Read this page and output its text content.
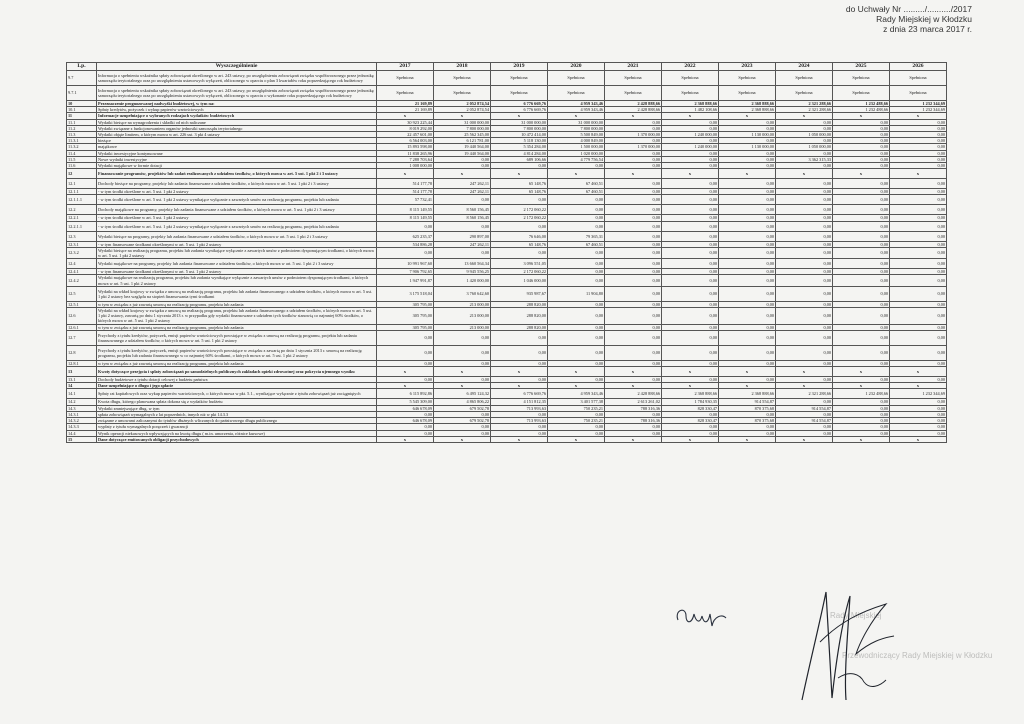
do Uchwały Nr ........./........../2017
Rady Miejskiej w Kłodzku
z dnia 23 marca 2017 r.
Lp.	Wyszczególnienie	2017	2018	2019	2020	2021	2022	2023	2024	2025	2026
9.7	Informacja o spełnieniu wskaźnika spłaty zobowiązań określonego w art. 243 ustawy, po uwzględnieniu zobowiązań związku współtworzonego przez jednostkę samorządu terytorialnego oraz po uwzględnieniu ustawowych wyłączeń, obliczonego w oparciu o plan 3 kwartałów roku poprzedzającego rok budżetowy	Spełniona	Spełniona	Spełniona	Spełniona	Spełniona	Spełniona	Spełniona	Spełniona	Spełniona	Spełniona
9.7.1	Informacja o spełnieniu wskaźnika spłaty zobowiązań określonego w art. 243 ustawy, po uwzględnieniu zobowiązań związku współtworzonego przez jednostkę samorządu terytorialnego oraz po uwzględnieniu ustawowych wyłączeń, obliczonego w oparciu o wykonanie roku poprzedzającego rok budżetowy	Spełniona	Spełniona	Spełniona	Spełniona	Spełniona	Spełniona	Spełniona	Spełniona	Spełniona	Spełniona
10	Przeznaczenie prognozowanej nadwyżki budżetowej, w tym na:	21 169,89	2 052 874,54	6 776 669,76	4 959 343,46	2 428 888,66	2 368 888,66	2 368 888,66	2 321 288,66	1 232 488,66	1 232 344,69
10.1	Spłaty kredytów, pożyczek i wykup papierów wartościowych	21 169,89	2 052 874,54	6 776 669,76	4 959 343,46	2 428 888,66	1 482 108,66	2 368 888,66	2 321 288,66	1 232 488,66	1 232 344,69
11	Informacje uzupełniające o wybranych rodzajach wydatków budżetowych	x	x	x	x	x	x	x	x	x	x
11.1	Wydatki bieżące na wynagrodzenia i składki od nich naliczane	30 923 225,44	31 000 000,00	31 000 000,00	31 000 000,00	0,00	0,00	0,00	0,00	0,00	0,00
11.2	Wydatki związane z funkcjonowaniem organów jednostki samorządu terytorialnego	8 019 292,00	7 800 000,00	7 800 000,00	7 800 000,00	0,00	0,00	0,00	0,00	0,00	0,00
11.3	Wydatki objęte limitem, o którym mowa w art. 226 ust. 3 pkt 4 ustawy	22 457 601,00	25 562 345,00	10 472 414,00	5 500 849,00	1 370 000,00	1 240 000,00	1 130 000,00	1 050 000,00	0,00	0,00
11.3.1	bieżące	6 564 003,00	6 121 781,00	5 118 130,00	4 000 849,00	0,00	0,00	0,00	0,00	0,00	0,00
11.3.2	majątkowe	15 893 598,00	19 440 564,00	5 354 284,00	1 500 000,00	1 370 000,00	1 240 000,00	1 130 000,00	1 050 000,00	0,00	0,00
11.4	Wydatki inwestycyjne kontynuowane	11 838 265,96	19 440 564,00	4 814 284,00	1 020 000,00	0,00	0,00	0,00	0,00	0,00	0,00
11.5	Nowe wydatki inwestycyjne	7 288 703,64	0,00	689 106,66	4 779 756,54	0,00	0,00	0,00	3 362 315,33	0,00	0,00
11.6	Wydatki majątkowe w formie dotacji	1 008 000,00	0,00	0,00	0,00	0,00	0,00	0,00	0,00	0,00	0,00
12	Finansowanie programów, projektów lub zadań realizowanych z udziałem środków, o których mowa w art. 5 ust. 1 pkt 2 i 3 ustawy	x	x	x	x	x	x	x	x	x	x
12.1	Dochody bieżące na programy, projekty lub zadania finansowane z udziałem środków, o których mowa w art. 5 ust. 1 pkt 2 i 3 ustawy	514 177,78	247 262,11	65 148,76	67 460,51	0,00	0,00	0,00	0,00	0,00	0,00
12.1.1	- w tym środki określone w art. 5 ust. 1 pkt 2 ustawy	514 177,78	247 262,11	65 148,76	67 460,51	0,00	0,00	0,00	0,00	0,00	0,00
12.1.1.1	- w tym środki określone w art. 5 ust. 1 pkt 2 ustawy wynikające wyłącznie z zawartych umów na realizację programu, projektu lub zadania	57 732,41	0,00	0,00	0,00	0,00	0,00	0,00	0,00	0,00	0,00
12.2	Dochody majątkowe na programy, projekty lub zadania finansowane z udziałem środków, o których mowa w art. 5 ust. 1 pkt 2 i 3 ustawy	8 115 149,55	8 560 156,45	2 172 060,22	0,00	0,00	0,00	0,00	0,00	0,00	0,00
12.2.1	- w tym środki określone w art. 5 ust. 1 pkt 2 ustawy	8 115 149,55	8 560 156,45	2 172 060,22	0,00	0,00	0,00	0,00	0,00	0,00	0,00
12.2.1.1	- w tym środki określone w art. 5 ust. 1 pkt 2 ustawy wynikające wyłącznie z zawartych umów na realizację programu, projektu lub zadania	0,00	0,00	0,00	0,00	0,00	0,00	0,00	0,00	0,00	0,00
12.3	Wydatki bieżące na programy, projekty lub zadania finansowane z udziałem środków, o których mowa w art. 5 ust. 1 pkt 2 i 3 ustawy	625 235,37	290 897,00	76 646,00	79 365,31	0,00	0,00	0,00	0,00	0,00	0,00
12.3.1	- w tym finansowane środkami określonymi w art. 5 ust. 1 pkt 2 ustawy	534 886,28	247 262,11	65 148,76	67 460,51	0,00	0,00	0,00	0,00	0,00	0,00
12.3.2	Wydatki bieżące na realizację programu, projektu lub zadania wynikające wyłącznie z zawartych umów z podmiotem dysponującym środkami, o których mowa w art. 5 ust. 1 pkt 2 ustawy	0,00	0,00	0,00	0,00	0,00	0,00	0,00	0,00	0,00	0,00
12.4	Wydatki majątkowe na programy, projekty lub zadania finansowane z udziałem środków, o których mowa w art. 5 ust. 1 pkt 2 i 3 ustawy	10 991 967,60	13 660 564,34	3 096 551,05	0,00	0,00	0,00	0,00	0,00	0,00	0,00
12.4.1	- w tym finansowane środkami określonymi w art. 5 ust. 1 pkt 2 ustawy	7 906 792,65	9 945 556,25	2 172 060,22	0,00	0,00	0,00	0,00	0,00	0,00	0,00
12.4.2	Wydatki majątkowe na realizację programu, projektu lub zadania wynikające wyłącznie z zawartych umów z podmiotem dysponującym środkami, o których mowa w art. 5 ust. 1 pkt 2 ustawy	1 947 991,87	1 420 000,00	1 046 000,00	0,00	0,00	0,00	0,00	0,00	0,00	0,00
12.5	Wydatki na wkład krajowy w związku z umową na realizację programu, projektu lub zadania finansowanego z udziałem środków, o których mowa w art. 5 ust. 1 pkt 2 ustawy bez względu na stopień finansowania tymi środkami	3 175 518,04	3 760 642,60	935 987,67	11 904,80	0,00	0,00	0,00	0,00	0,00	0,00
12.5.1	w tym w związku z już zawartą umową na realizację programu, projektu lub zadania	305 795,00	213 000,00	288 820,00	0,00	0,00	0,00	0,00	0,00	0,00	0,00
12.6	Wydatki na wkład krajowy w związku z umową na realizację programu, projektu lub zadania finansowanego z udziałem środków, o których mowa w art. 5 ust. 1 pkt 2 ustawy, zawartą po dniu 1 stycznia 2013 r. w przypadku gdy wydatki finansowane z udziałem tych środków stanowią co najmniej 60% środków, o których mowa w art. 5 ust. 1 pkt 2 ustawy	305 795,00	213 000,00	288 820,00	0,00	0,00	0,00	0,00	0,00	0,00	0,00
12.6.1	w tym w związku z już zawartą umową na realizację programu, projektu lub zadania	305 795,00	213 000,00	288 820,00	0,00	0,00	0,00	0,00	0,00	0,00	0,00
12.7	Przychody z tytułu kredytów, pożyczek, emisji papierów wartościowych powstające w związku z umową na realizację programu, projektu lub zadania finansowanego z udziałem środków, o których mowa w art. 5 ust. 1 pkt 2 ustawy	0,00	0,00	0,00	0,00	0,00	0,00	0,00	0,00	0,00	0,00
12.8	Przychody z tytułu kredytów, pożyczek, emisji papierów wartościowych powstające w związku z zawartą po dniu 1 stycznia 2013 r. umową na realizację programu, projektu lub zadania finansowanego w co najmniej 60% środkami, o których mowa w art. 5 ust. 1 pkt 2 ustawy	0,00	0,00	0,00	0,00	0,00	0,00	0,00	0,00	0,00	0,00
12.8.1	w tym w związku z już zawartą umową na realizację programu, projektu lub zadania	0,00	0,00	0,00	0,00	0,00	0,00	0,00	0,00	0,00	0,00
13	Kwoty dotyczące przejęcia i spłaty zobowiązań po samodzielnych publicznych zakładach opieki zdrowotnej oraz pokrycia ujemnego wyniku	x	x	x	x	x	x	x	x	x	x
13.1	Dochody budżetowe z tytułu dotacji celowej z budżetu państwa	0,00	0,00	0,00	0,00	0,00	0,00	0,00	0,00	0,00	0,00
14	Dane uzupełniające o długu i jego spłacie	x	x	x	x	x	x	x	x	x	x
14.1	Spłaty rat kapitałowych oraz wykup papierów wartościowych, o których mowa w pkt. 5.1., wynikające wyłącznie z tytułu zobowiązań już zaciągniętych	6 115 892,86	6 495 124,32	6 776 669,76	4 959 343,46	2 428 888,66	2 368 888,66	2 368 888,66	2 321 288,66	1 232 488,66	1 232 344,69
14.2	Kwota długu, którego planowana spłata dokona się z wydatków budżetu	5 545 309,00	4 865 806,22	4 151 812,35	3 401 577,38	2 613 261,02	1 784 930,35	914 554,87	0,00	0,00	0,00
14.3	Wydatki zmniejszające dług, w tym	646 678,09	679 502,78	713 993,63	750 235,21	788 316,36	828 330,47	870 375,68	914 554,87	0,00	0,00
14.3.1	spłata zobowiązań wymagalnych z lat poprzednich, innych niż w pkt 14.3.3	0,00	0,00	0,00	0,00	0,00	0,00	0,00	0,00	0,00	0,00
14.3.2	związane z umowami zaliczanymi do tytułów dłużnych wliczanych do państwowego długu publicznego	646 678,09	679 502,78	713 993,63	750 235,21	788 316,36	828 330,47	870 375,68	914 554,87	0,00	0,00
14.3.3	wypłaty z tytułu wymagalnych poręczeń i gwarancji	0,00	0,00	0,00	0,00	0,00	0,00	0,00	0,00	0,00	0,00
14.4	Wynik operacji niekasowych wpływających na kwotę długu ( m.in. umorzenia, różnice kursowe)	0,00	0,00	0,00	0,00	0,00	0,00	0,00	0,00	0,00	0,00
15	Dane dotyczące emitowanych obligacji przychodowych	x	x	x	x	x	x	x	x	x	x
Rady Miejskiej
Przewodniczący Rady Miejskiej w Kłodzku
